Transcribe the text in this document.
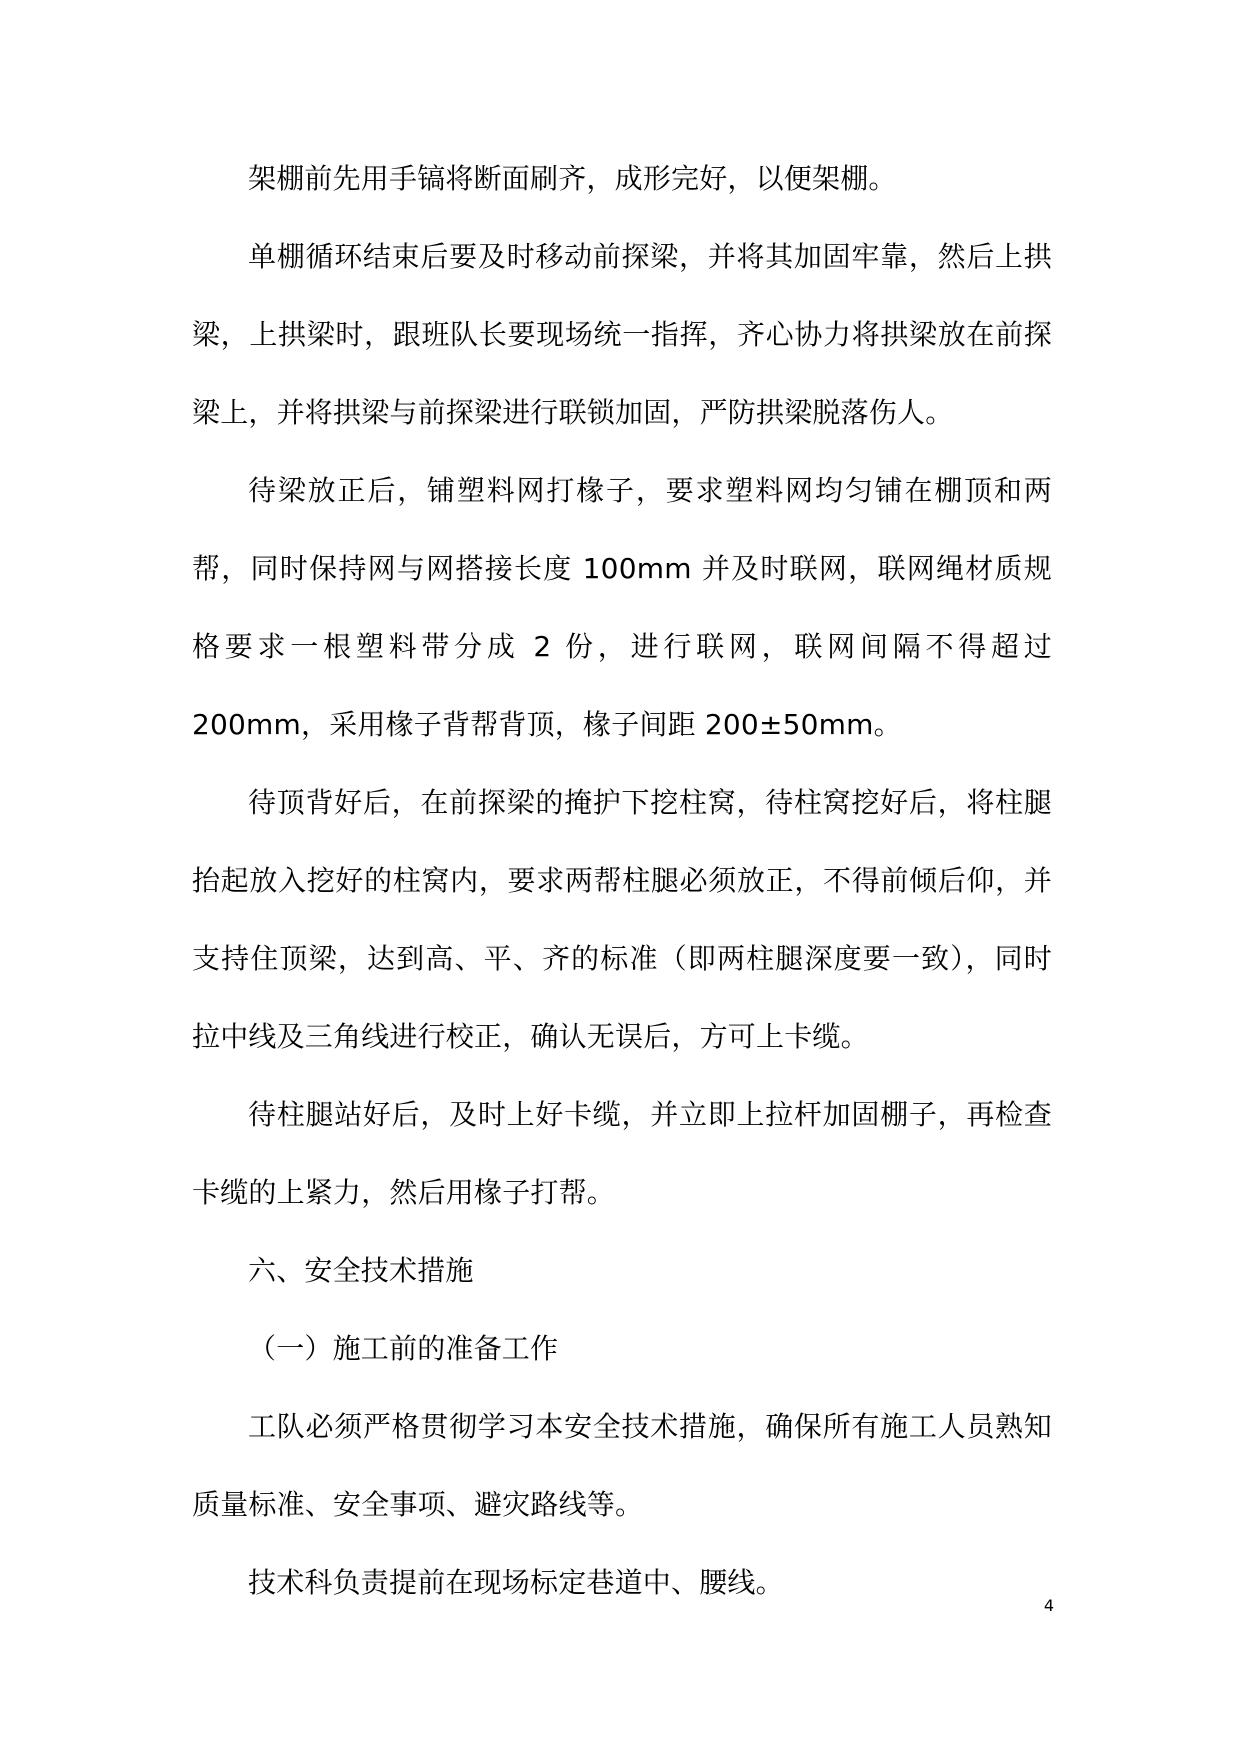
架棚前先用手镐将断面刷齐，成形完好，以便架棚。

单棚循环结束后要及时移动前探梁，并将其加固牢靠，然后上拱梁，上拱梁时，跟班队长要现场统一指挥，齐心协力将拱梁放在前探梁上，并将拱梁与前探梁进行联锁加固，严防拱梁脱落伤人。

待梁放正后，铺塑料网打椽子，要求塑料网均匀铺在棚顶和两帮，同时保持网与网搭接长度 100mm 并及时联网，联网绳材质规格要求一根塑料带分成 2 份，进行联网，联网间隔不得超过 200mm，采用椽子背帮背顶，椽子间距 200±50mm。

待顶背好后，在前探梁的掩护下挖柱窝，待柱窝挖好后，将柱腿抬起放入挖好的柱窝内，要求两帮柱腿必须放正，不得前倾后仰，并支持住顶梁，达到高、平、齐的标准（即两柱腿深度要一致），同时拉中线及三角线进行校正，确认无误后，方可上卡缆。

待柱腿站好后，及时上好卡缆，并立即上拉杆加固棚子，再检查卡缆的上紧力，然后用椽子打帮。

六、安全技术措施

（一）施工前的准备工作

工队必须严格贯彻学习本安全技术措施，确保所有施工人员熟知质量标准、安全事项、避灾路线等。

技术科负责提前在现场标定巷道中、腰线。

4
